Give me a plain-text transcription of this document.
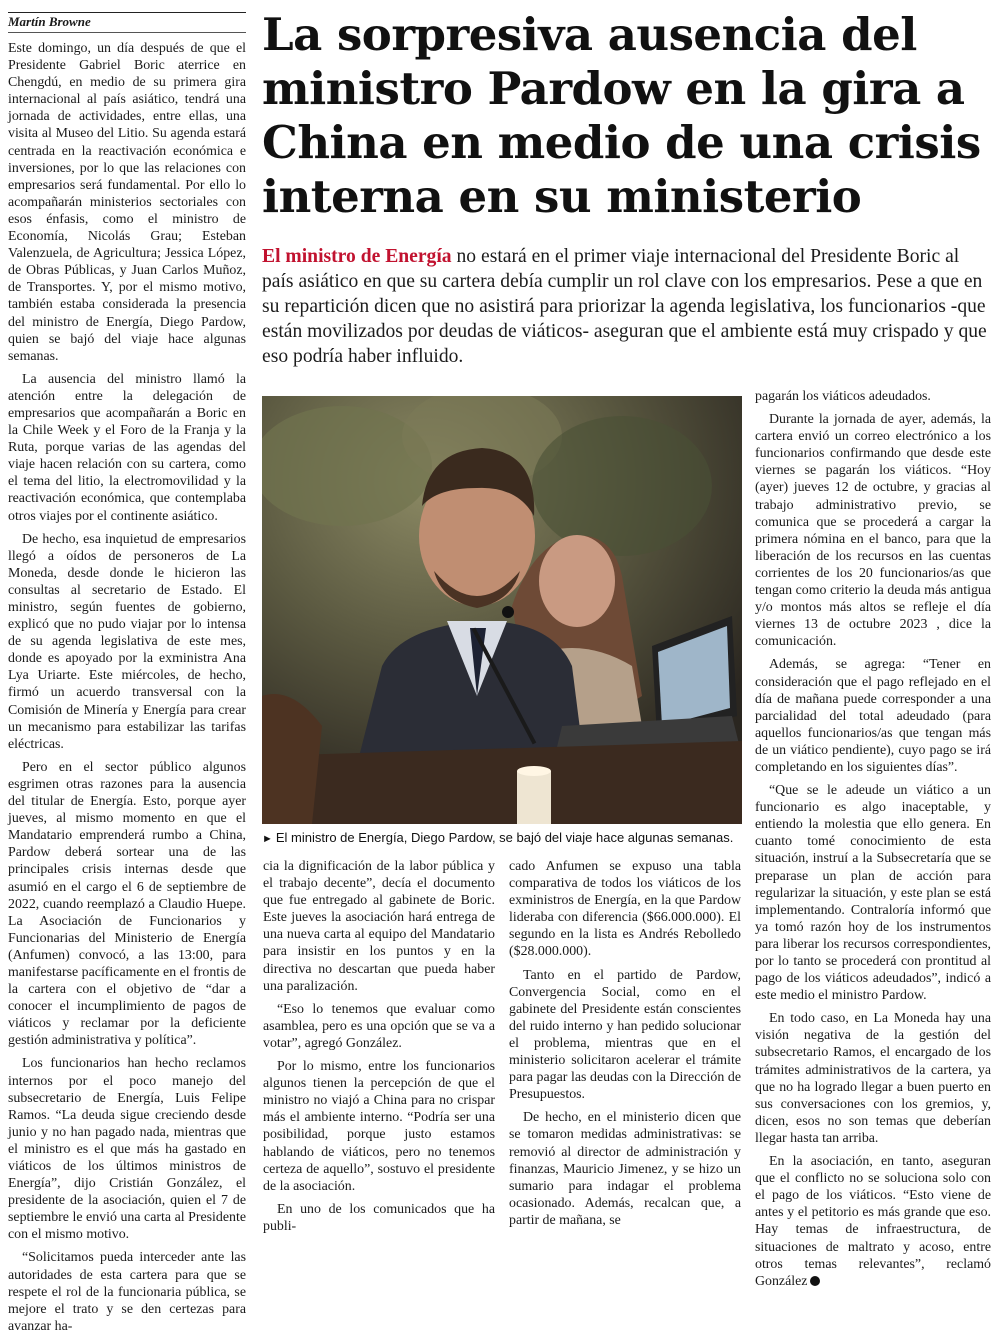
Martín Browne	La sorpresiva ausencia del ministro Pardow en la gira a China en medio de una crisis interna en su ministerio

El ministro de Energía no estará en el primer viaje internacional del Presidente Boric al país asiático en que su cartera debía cumplir un rol clave con los empresarios. Pese a que en su repartición dicen que no asistirá para priorizar la agenda legislativa, los funcionarios -que están movilizados por deudas de viáticos- aseguran que el ambiente está muy crispado y que eso podría haber influido.

Este domingo, un día después de que el Presidente Gabriel Boric aterrice en Chengdú, en medio de su primera gira internacional al país asiático, tendrá una jornada de actividades, entre ellas, una visita al Museo del Litio. Su agenda estará centrada en la reactivación económica e inversiones, por lo que las relaciones con empresarios será fundamental. Por ello lo acompañarán ministerios sectoriales con esos énfasis, como el ministro de Economía, Nicolás Grau; Esteban Valenzuela, de Agricultura; Jessica López, de Obras Públicas, y Juan Carlos Muñoz, de Transportes. Y, por el mismo motivo, también estaba considerada la presencia del ministro de Energía, Diego Pardow, quien se bajó del viaje hace algunas semanas.

La ausencia del ministro llamó la atención entre la delegación de empresarios que acompañarán a Boric en la Chile Week y el Foro de la Franja y la Ruta, porque varias de las agendas del viaje hacen relación con su cartera, como el tema del litio, la electromovilidad y la reactivación económica, que contemplaba otros viajes por el continente asiático.

De hecho, esa inquietud de empresarios llegó a oídos de personeros de La Moneda, desde donde le hicieron las consultas al secretario de Estado. El ministro, según fuentes de gobierno, explicó que no pudo viajar por lo intensa de su agenda legislativa de este mes, donde es apoyado por la exministra Ana Lya Uriarte. Este miércoles, de hecho, firmó un acuerdo transversal con la Comisión de Minería y Energía para crear un mecanismo para estabilizar las tarifas eléctricas.

Pero en el sector público algunos esgrimen otras razones para la ausencia del titular de Energía. Esto, porque ayer jueves, al mismo momento en que el Mandatario emprenderá rumbo a China, Pardow deberá sortear una de las principales crisis internas desde que asumió en el cargo el 6 de septiembre de 2022, cuando reemplazó a Claudio Huepe. La Asociación de Funcionarios y Funcionarias del Ministerio de Energía (Anfumen) convocó, a las 13:00, para manifestarse pacíficamente en el frontis de la cartera con el objetivo de “dar a conocer el incumplimiento de pagos de viáticos y reclamar por la deficiente gestión administrativa y política”.

Los funcionarios han hecho reclamos internos por el poco manejo del subsecretario de Energía, Luis Felipe Ramos. “La deuda sigue creciendo desde junio y no han pagado nada, mientras que el ministro es el que más ha gastado en viáticos de los últimos ministros de Energía”, dijo Cristián González, el presidente de la asociación, quien el 7 de septiembre le envió una carta al Presidente con el mismo motivo.

“Solicitamos pueda interceder ante las autoridades de esta cartera para que se respete el rol de la funcionaria pública, se mejore el trato y se den certezas para avanzar ha-

► El ministro de Energía, Diego Pardow, se bajó del viaje hace algunas semanas.

cia la dignificación de la labor pública y el trabajo decente”, decía el documento que fue entregado al gabinete de Boric. Este jueves la asociación hará entrega de una nueva carta al equipo del Mandatario para insistir en los puntos y en la directiva no descartan que pueda haber una paralización.

“Eso lo tenemos que evaluar como asamblea, pero es una opción que se va a votar”, agregó González.

Por lo mismo, entre los funcionarios algunos tienen la percepción de que el ministro no viajó a China para no crispar más el ambiente interno. “Podría ser una posibilidad, porque justo estamos hablando de viáticos, pero no tenemos certeza de aquello”, sostuvo el presidente de la asociación.

En uno de los comunicados que ha publi-

cado Anfumen se expuso una tabla comparativa de todos los viáticos de los exministros de Energía, en la que Pardow lideraba con diferencia ($66.000.000). El segundo en la lista es Andrés Rebolledo ($28.000.000).

Tanto en el partido de Pardow, Convergencia Social, como en el gabinete del Presidente están conscientes del ruido interno y han pedido solucionar el problema, mientras que en el ministerio solicitaron acelerar el trámite para pagar las deudas con la Dirección de Presupuestos.

De hecho, en el ministerio dicen que se tomaron medidas administrativas: se removió al director de administración y finanzas, Mauricio Jimenez, y se hizo un sumario para indagar el problema ocasionado. Además, recalcan que, a partir de mañana, se

pagarán los viáticos adeudados.

Durante la jornada de ayer, además, la cartera envió un correo electrónico a los funcionarios confirmando que desde este viernes se pagarán los viáticos. “Hoy (ayer) jueves 12 de octubre, y gracias al trabajo administrativo previo, se comunica que se procederá a cargar la primera nómina en el banco, para que la liberación de los recursos en las cuentas corrientes de los 20 funcionarios/as que tengan como criterio la deuda más antigua y/o montos más altos se refleje el día viernes 13 de octubre 2023 , dice la comunicación.

Además, se agrega: “Tener en consideración que el pago reflejado en el día de mañana puede corresponder a una parcialidad del total adeudado (para aquellos funcionarios/as que tengan más de un viático pendiente), cuyo pago se irá completando en los siguientes días”.

“Que se le adeude un viático a un funcionario es algo inaceptable, y entiendo la molestia que ello genera. En cuanto tomé conocimiento de esta situación, instruí a la Subsecretaría que se preparase un plan de acción para regularizar la situación, y este plan se está implementando. Contraloría informó que ya tomó razón hoy de los instrumentos para liberar los recursos correspondientes, por lo tanto se procederá con prontitud al pago de los viáticos adeudados”, indicó a este medio el ministro Pardow.

En todo caso, en La Moneda hay una visión negativa de la gestión del subsecretario Ramos, el encargado de los trámites administrativos de la cartera, ya que no ha logrado llegar a buen puerto en sus conversaciones con los gremios, y, dicen, esos no son temas que deberían llegar hasta tan arriba.

En la asociación, en tanto, aseguran que el conflicto no se soluciona solo con el pago de los viáticos. “Esto viene de antes y el petitorio es más grande que eso. Hay temas de infraestructura, de situaciones de maltrato y acoso, entre otros temas relevantes”, reclamó González
